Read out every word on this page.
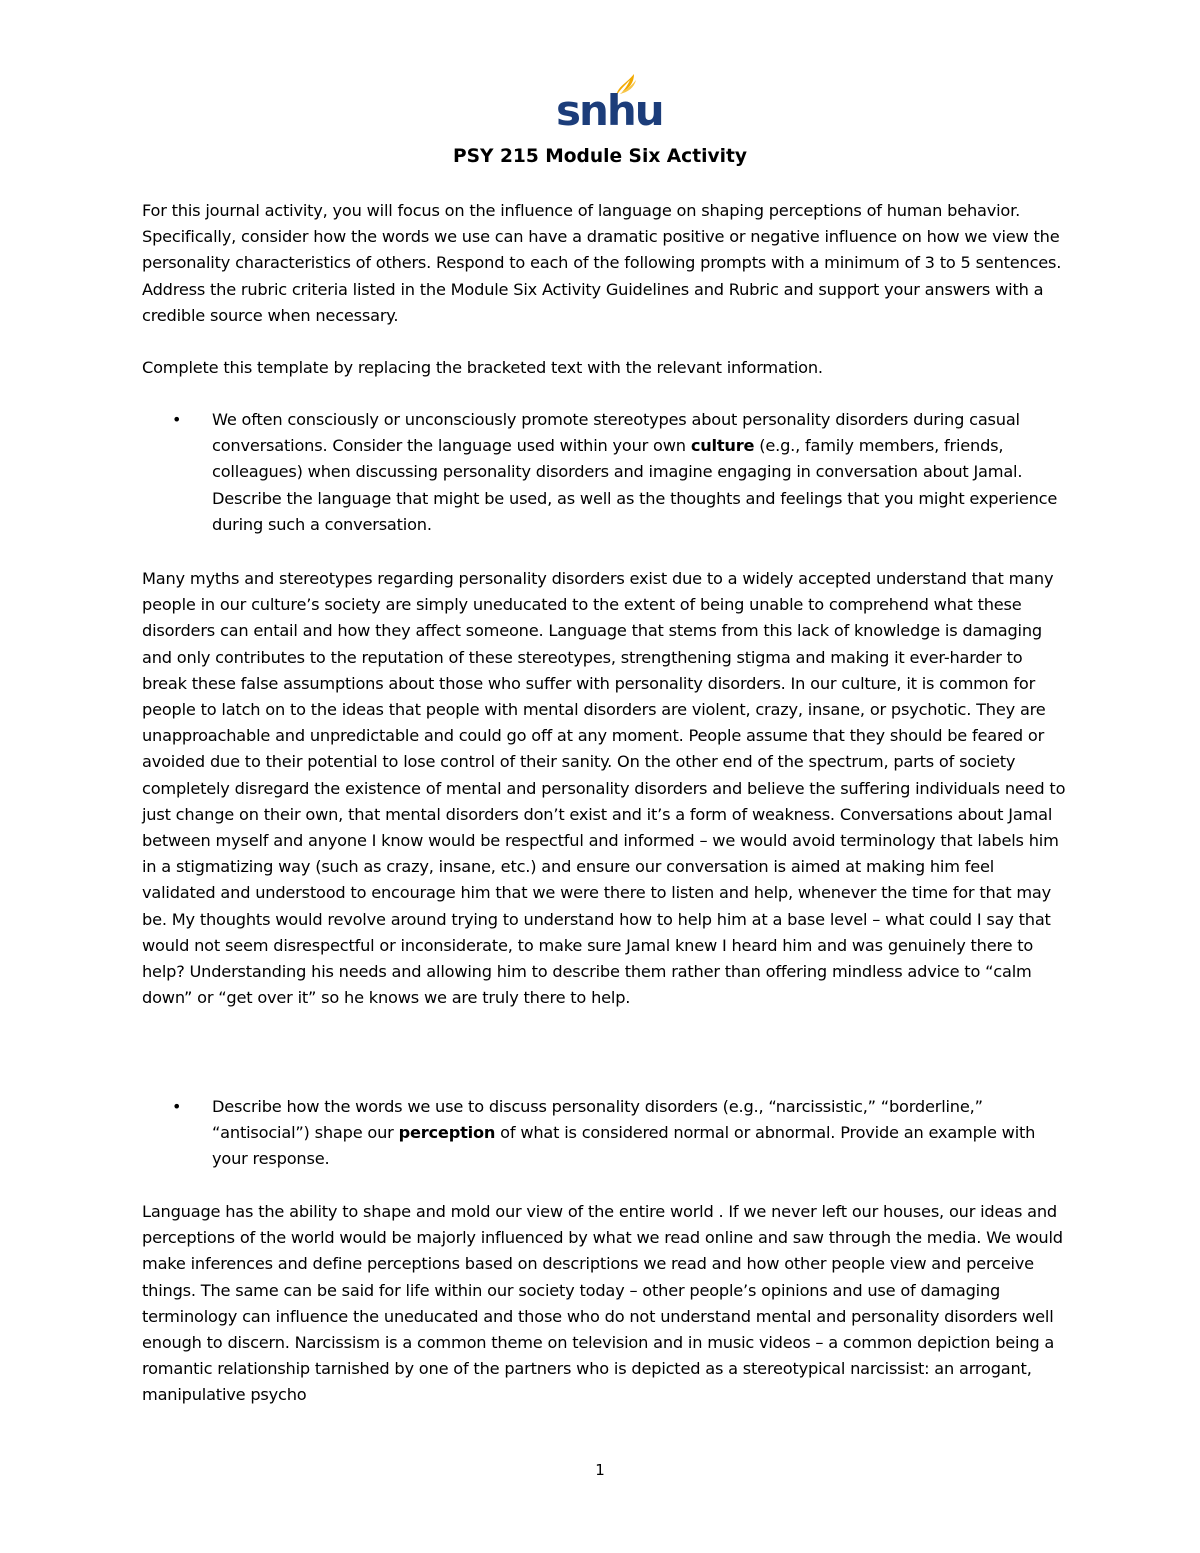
snhu
PSY 215 Module Six Activity

For this journal activity, you will focus on the influence of language on shaping perceptions of human behavior. Specifically, consider how the words we use can have a dramatic positive or negative influence on how we view the personality characteristics of others. Respond to each of the following prompts with a minimum of 3 to 5 sentences. Address the rubric criteria listed in the Module Six Activity Guidelines and Rubric and support your answers with a credible source when necessary.

Complete this template by replacing the bracketed text with the relevant information.

•	We often consciously or unconsciously promote stereotypes about personality disorders during casual conversations. Consider the language used within your own culture (e.g., family members, friends, colleagues) when discussing personality disorders and imagine engaging in conversation about Jamal. Describe the language that might be used, as well as the thoughts and feelings that you might experience during such a conversation.

Many myths and stereotypes regarding personality disorders exist due to a widely accepted understand that many people in our culture’s society are simply uneducated to the extent of being unable to comprehend what these disorders can entail and how they affect someone. Language that stems from this lack of knowledge is damaging and only contributes to the reputation of these stereotypes, strengthening stigma and making it ever-harder to break these false assumptions about those who suffer with personality disorders. In our culture, it is common for people to latch on to the ideas that people with mental disorders are violent, crazy, insane, or psychotic. They are unapproachable and unpredictable and could go off at any moment. People assume that they should be feared or avoided due to their potential to lose control of their sanity. On the other end of the spectrum, parts of society completely disregard the existence of mental and personality disorders and believe the suffering individuals need to just change on their own, that mental disorders don’t exist and it’s a form of weakness. Conversations about Jamal between myself and anyone I know would be respectful and informed – we would avoid terminology that labels him in a stigmatizing way (such as crazy, insane, etc.) and ensure our conversation is aimed at making him feel validated and understood to encourage him that we were there to listen and help, whenever the time for that may be. My thoughts would revolve around trying to understand how to help him at a base level – what could I say that would not seem disrespectful or inconsiderate, to make sure Jamal knew I heard him and was genuinely there to help? Understanding his needs and allowing him to describe them rather than offering mindless advice to “calm down” or “get over it” so he knows we are truly there to help.

•	Describe how the words we use to discuss personality disorders (e.g., “narcissistic,” “borderline,” “antisocial”) shape our perception of what is considered normal or abnormal. Provide an example with your response.

Language has the ability to shape and mold our view of the entire world . If we never left our houses, our ideas and perceptions of the world would be majorly influenced by what we read online and saw through the media. We would make inferences and define perceptions based on descriptions we read and how other people view and perceive things. The same can be said for life within our society today – other people’s opinions and use of damaging terminology can influence the uneducated and those who do not understand mental and personality disorders well enough to discern. Narcissism is a common theme on television and in music videos – a common depiction being a romantic relationship tarnished by one of the partners who is depicted as a stereotypical narcissist: an arrogant, manipulative psycho

1
